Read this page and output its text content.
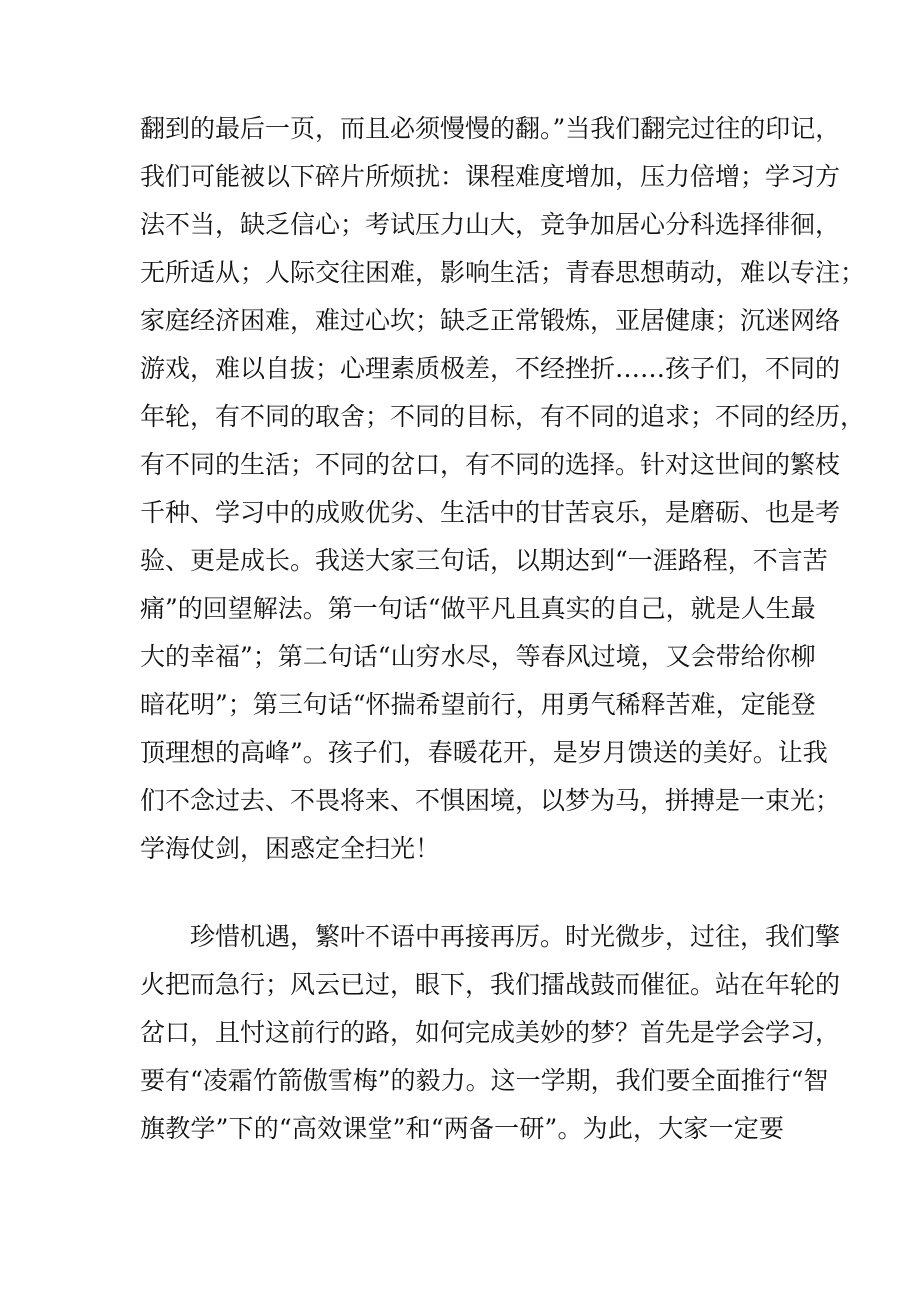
翻到的最后一页，而且必须慢慢的翻。”当我们翻完过往的印记，
我们可能被以下碎片所烦扰：课程难度增加，压力倍增；学习方
法不当，缺乏信心；考试压力山大，竞争加居心分科选择徘徊，
无所适从；人际交往困难，影响生活；青春思想萌动，难以专注；
家庭经济困难，难过心坎；缺乏正常锻炼，亚居健康；沉迷网络
游戏，难以自拔；心理素质极差，不经挫折……孩子们，不同的
年轮，有不同的取舍；不同的目标，有不同的追求；不同的经历，
有不同的生活；不同的岔口，有不同的选择。针对这世间的繁枝
千种、学习中的成败优劣、生活中的甘苦哀乐，是磨砺、也是考
验、更是成长。我送大家三句话，以期达到“一涯路程，不言苦
痛”的回望解法。第一句话“做平凡且真实的自己，就是人生最
大的幸福”；第二句话“山穷水尽，等春风过境，又会带给你柳
暗花明”；第三句话“怀揣希望前行，用勇气稀释苦难，定能登
顶理想的高峰”。孩子们，春暖花开，是岁月馈送的美好。让我
们不念过去、不畏将来、不惧困境，以梦为马，拼搏是一束光；
学海仗剑，困惑定全扫光！
珍惜机遇，繁叶不语中再接再厉。时光微步，过往，我们擎
火把而急行；风云已过，眼下，我们擂战鼓而催征。站在年轮的
岔口，且忖这前行的路，如何完成美妙的梦？首先是学会学习，
要有“凌霜竹箭傲雪梅”的毅力。这一学期，我们要全面推行“智
旗教学”下的“高效课堂”和“两备一研”。为此，大家一定要
